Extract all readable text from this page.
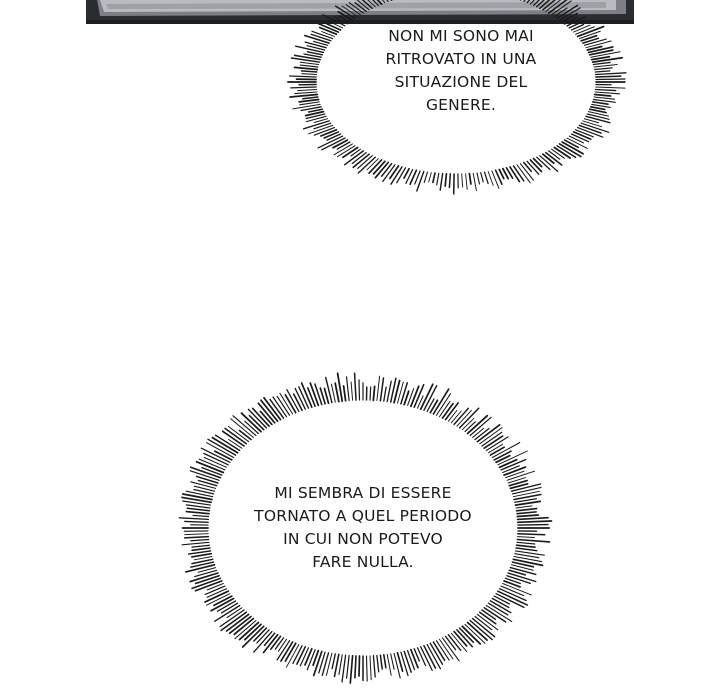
NON MI SONO MAI
RITROVATO IN UNA
SITUAZIONE DEL
GENERE.
MI SEMBRA DI ESSERE
TORNATO A QUEL PERIODO
IN CUI NON POTEVO
FARE NULLA.
